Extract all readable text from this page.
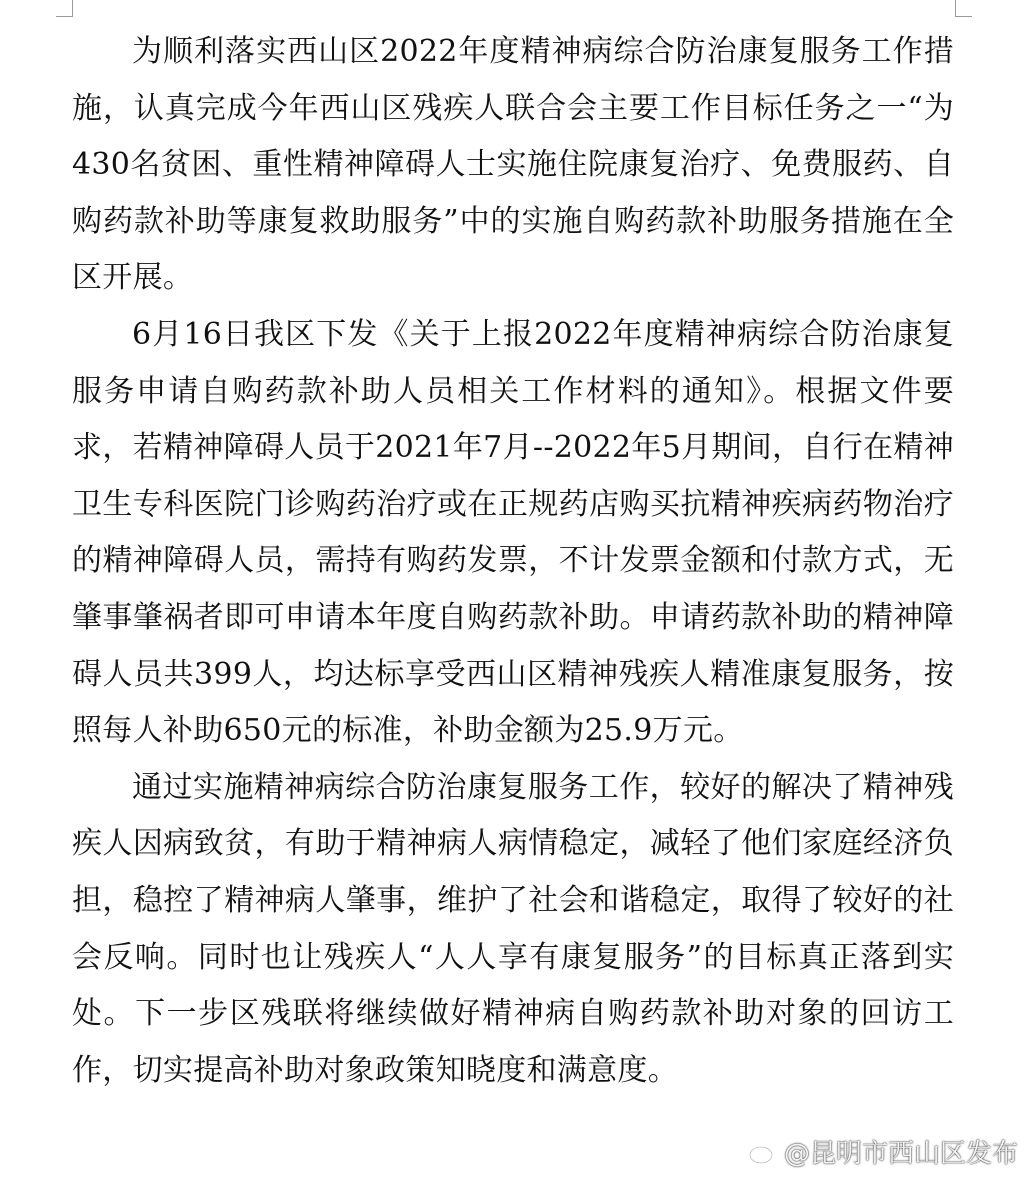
为顺利落实西山区2022年度精神病综合防治康复服务工作措施，认真完成今年西山区残疾人联合会主要工作目标任务之一“为430名贫困、重性精神障碍人士实施住院康复治疗、免费服药、自购药款补助等康复救助服务”中的实施自购药款补助服务措施在全区开展。

6月16日我区下发《关于上报2022年度精神病综合防治康复服务申请自购药款补助人员相关工作材料的通知》。根据文件要求，若精神障碍人员于2021年7月--2022年5月期间，自行在精神卫生专科医院门诊购药治疗或在正规药店购买抗精神疾病药物治疗的精神障碍人员，需持有购药发票，不计发票金额和付款方式，无肇事肇祸者即可申请本年度自购药款补助。申请药款补助的精神障碍人员共399人，均达标享受西山区精神残疾人精准康复服务，按照每人补助650元的标准，补助金额为25.9万元。

通过实施精神病综合防治康复服务工作，较好的解决了精神残疾人因病致贫，有助于精神病人病情稳定，减轻了他们家庭经济负担，稳控了精神病人肇事，维护了社会和谐稳定，取得了较好的社会反响。同时也让残疾人“人人享有康复服务”的目标真正落到实处。下一步区残联将继续做好精神病自购药款补助对象的回访工作，切实提高补助对象政策知晓度和满意度。

@昆明市西山区发布
